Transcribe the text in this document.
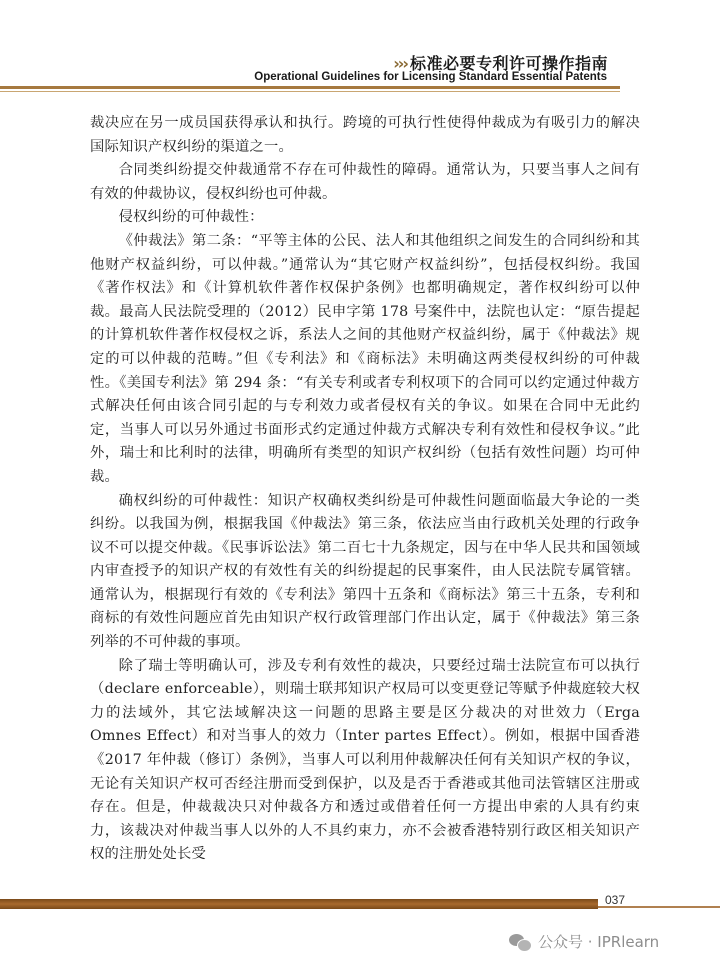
››› 标准必要专利许可操作指南
Operational Guidelines for Licensing Standard Essential Patents

裁决应在另一成员国获得承认和执行。跨境的可执行性使得仲裁成为有吸引力的解决国际知识产权纠纷的渠道之一。

合同类纠纷提交仲裁通常不存在可仲裁性的障碍。通常认为，只要当事人之间有有效的仲裁协议，侵权纠纷也可仲裁。

侵权纠纷的可仲裁性：

《仲裁法》第二条：“平等主体的公民、法人和其他组织之间发生的合同纠纷和其他财产权益纠纷，可以仲裁。”通常认为“其它财产权益纠纷”，包括侵权纠纷。我国《著作权法》和《计算机软件著作权保护条例》也都明确规定，著作权纠纷可以仲裁。最高人民法院受理的（2012）民申字第 178 号案件中，法院也认定：“原告提起的计算机软件著作权侵权之诉，系法人之间的其他财产权益纠纷，属于《仲裁法》规定的可以仲裁的范畴。”但《专利法》和《商标法》未明确这两类侵权纠纷的可仲裁性。《美国专利法》第 294 条：“有关专利或者专利权项下的合同可以约定通过仲裁方式解决任何由该合同引起的与专利效力或者侵权有关的争议。如果在合同中无此约定，当事人可以另外通过书面形式约定通过仲裁方式解决专利有效性和侵权争议。”此外，瑞士和比利时的法律，明确所有类型的知识产权纠纷（包括有效性问题）均可仲裁。

确权纠纷的可仲裁性：知识产权确权类纠纷是可仲裁性问题面临最大争论的一类纠纷。以我国为例，根据我国《仲裁法》第三条，依法应当由行政机关处理的行政争议不可以提交仲裁。《民事诉讼法》第二百七十九条规定，因与在中华人民共和国领域内审查授予的知识产权的有效性有关的纠纷提起的民事案件，由人民法院专属管辖。通常认为，根据现行有效的《专利法》第四十五条和《商标法》第三十五条，专利和商标的有效性问题应首先由知识产权行政管理部门作出认定，属于《仲裁法》第三条列举的不可仲裁的事项。

除了瑞士等明确认可，涉及专利有效性的裁决，只要经过瑞士法院宣布可以执行（declare enforceable），则瑞士联邦知识产权局可以变更登记等赋予仲裁庭较大权力的法域外，其它法域解决这一问题的思路主要是区分裁决的对世效力（Erga Omnes Effect）和对当事人的效力（Inter partes Effect）。例如，根据中国香港《2017 年仲裁（修订）条例》，当事人可以利用仲裁解决任何有关知识产权的争议，无论有关知识产权可否经注册而受到保护，以及是否于香港或其他司法管辖区注册或存在。但是，仲裁裁决只对仲裁各方和透过或借着任何一方提出申索的人具有约束力，该裁决对仲裁当事人以外的人不具约束力，亦不会被香港特别行政区相关知识产权的注册处处长受

037
公众号 · IPRlearn
